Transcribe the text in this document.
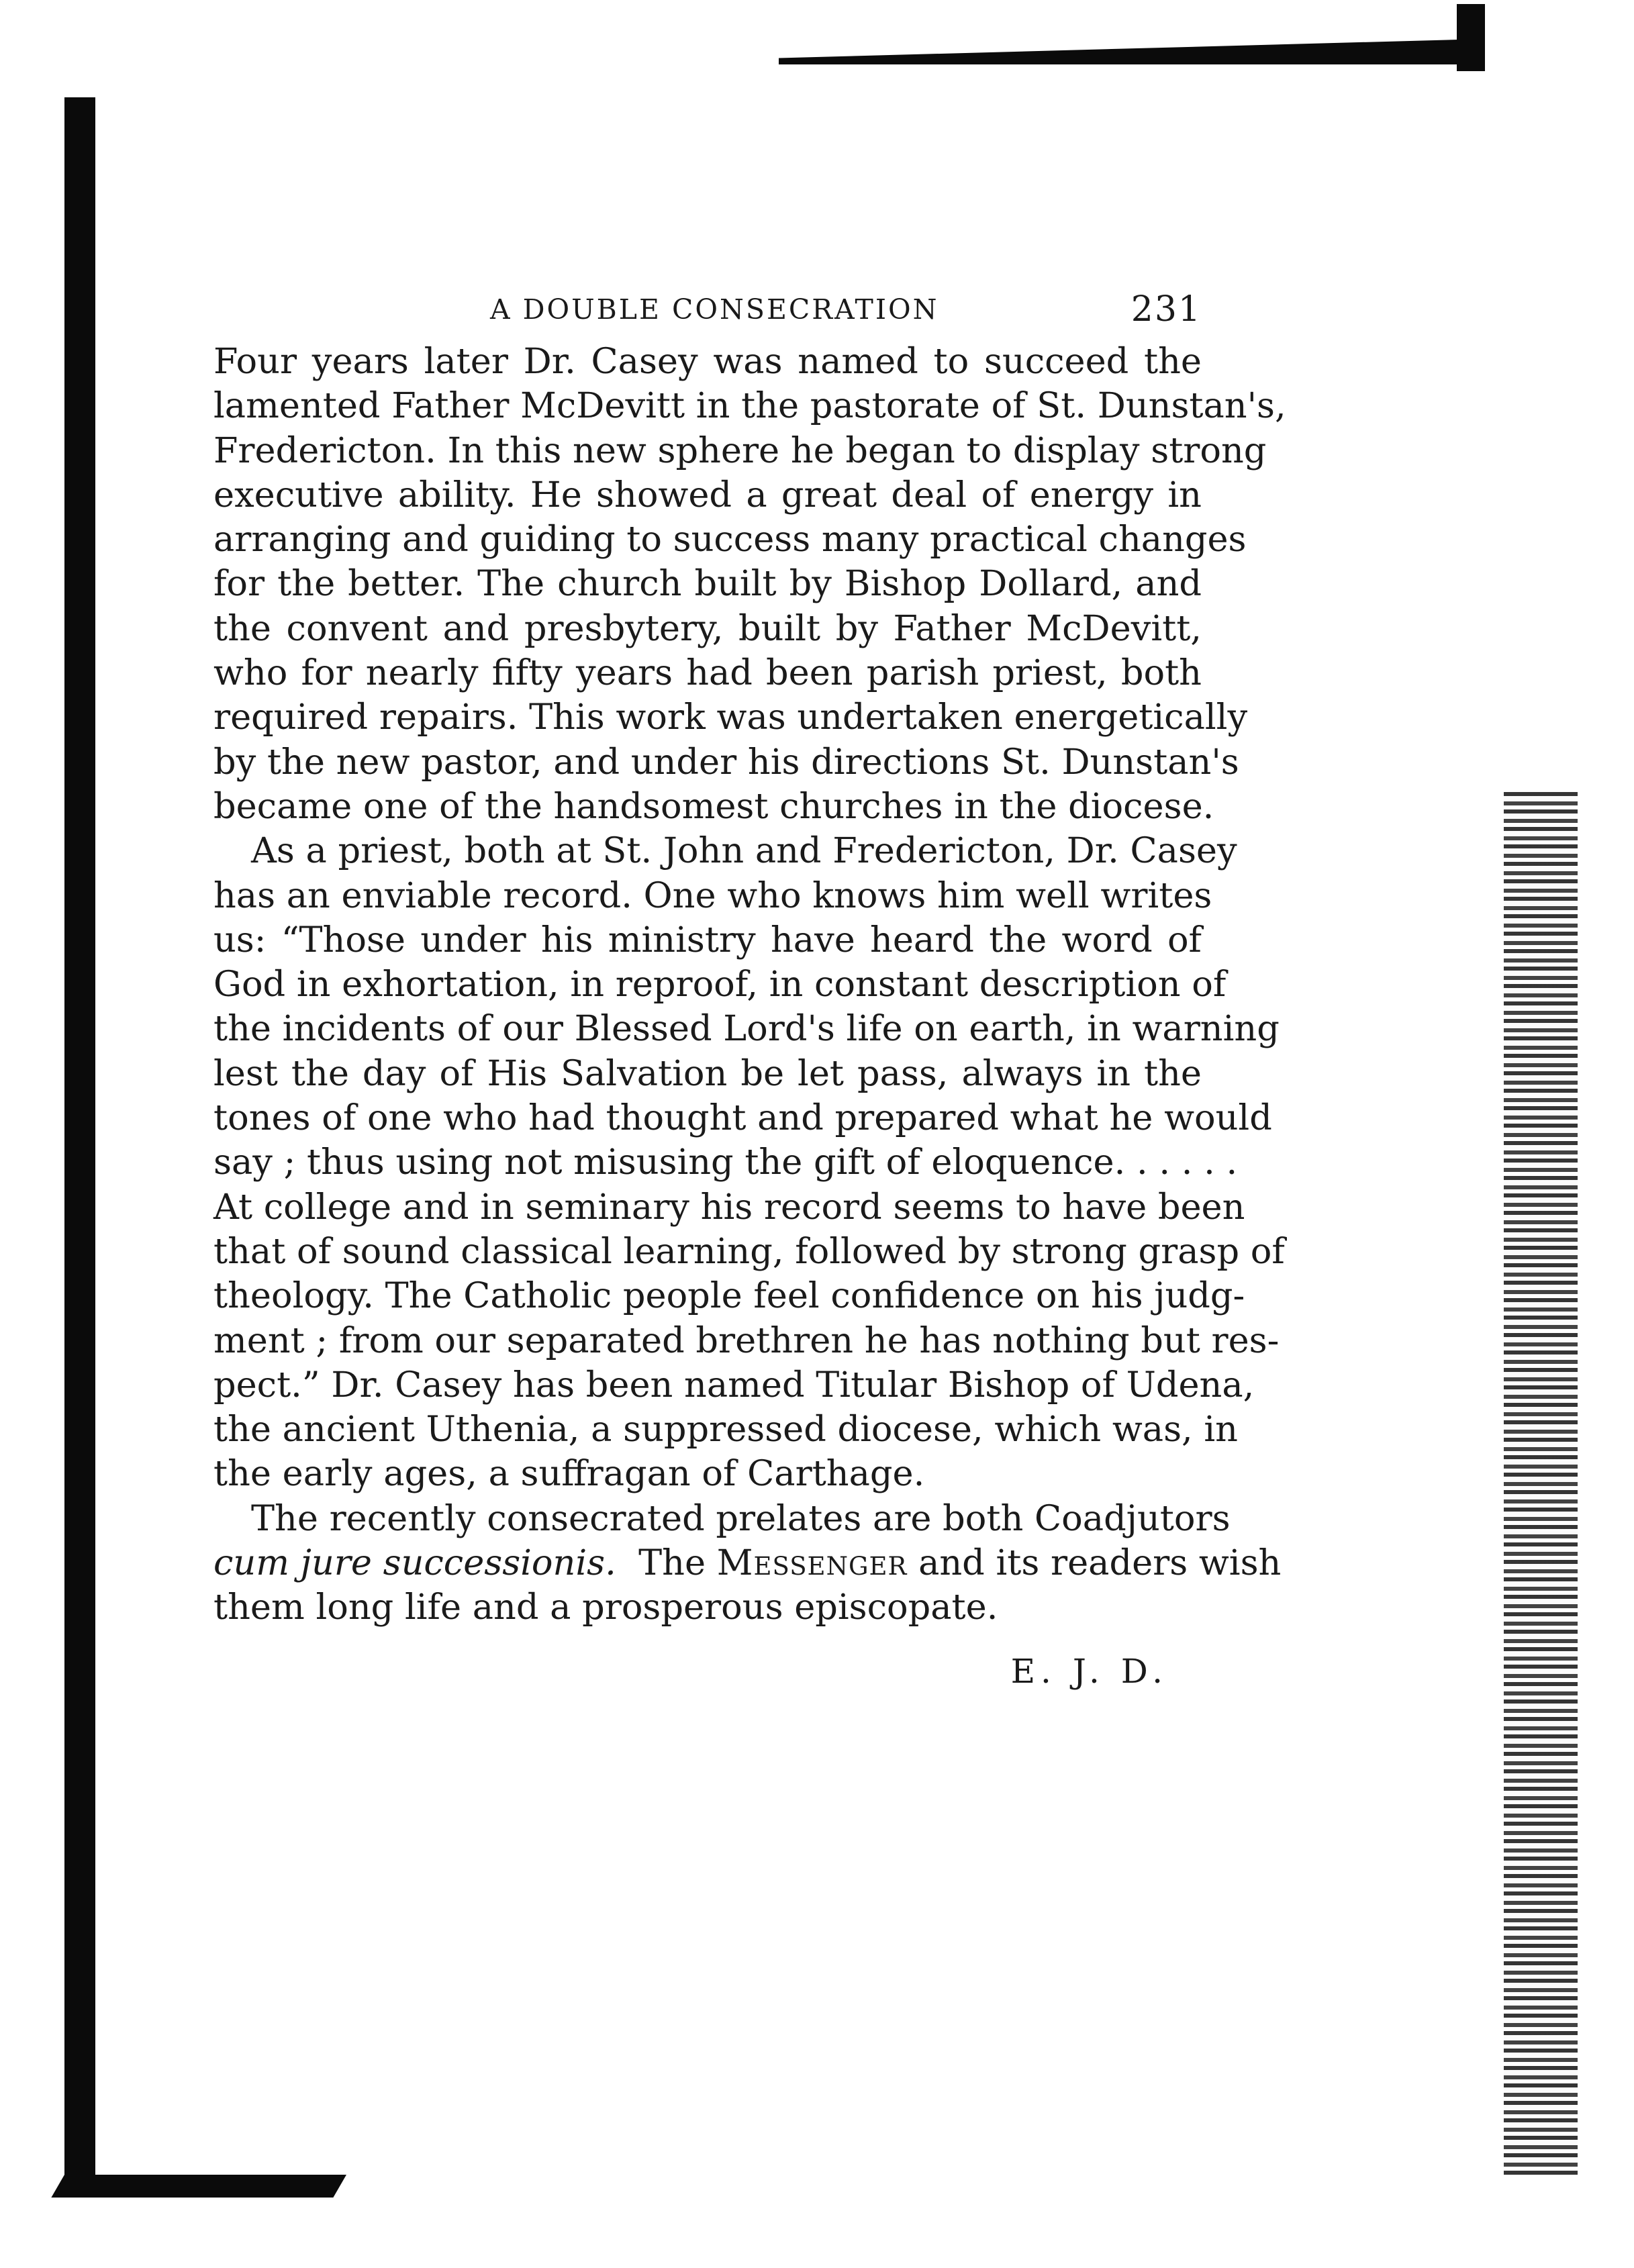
A DOUBLE CONSECRATION	231
Four years later Dr. Casey was named to succeed the
lamented Father McDevitt in the pastorate of St. Dunstan's,
Fredericton. In this new sphere he began to display strong
executive ability. He showed a great deal of energy in
arranging and guiding to success many practical changes
for the better. The church built by Bishop Dollard, and
the convent and presbytery, built by Father McDevitt,
who for nearly fifty years had been parish priest, both
required repairs. This work was undertaken energetically
by the new pastor, and under his directions St. Dunstan's
became one of the handsomest churches in the diocese.
As a priest, both at St. John and Fredericton, Dr. Casey
has an enviable record. One who knows him well writes
us: “Those under his ministry have heard the word of
God in exhortation, in reproof, in constant description of
the incidents of our Blessed Lord's life on earth, in warning
lest the day of His Salvation be let pass, always in the
tones of one who had thought and prepared what he would
say ; thus using not misusing the gift of eloquence. . . . . .
At college and in seminary his record seems to have been
that of sound classical learning, followed by strong grasp of
theology. The Catholic people feel confidence on his judg-
ment ; from our separated brethren he has nothing but res-
pect.” Dr. Casey has been named Titular Bishop of Udena,
the ancient Uthenia, a suppressed diocese, which was, in
the early ages, a suffragan of Carthage.
The recently consecrated prelates are both Coadjutors
cum jure successionis.  The Messenger and its readers wish
them long life and a prosperous episcopate.
E. J. D.
